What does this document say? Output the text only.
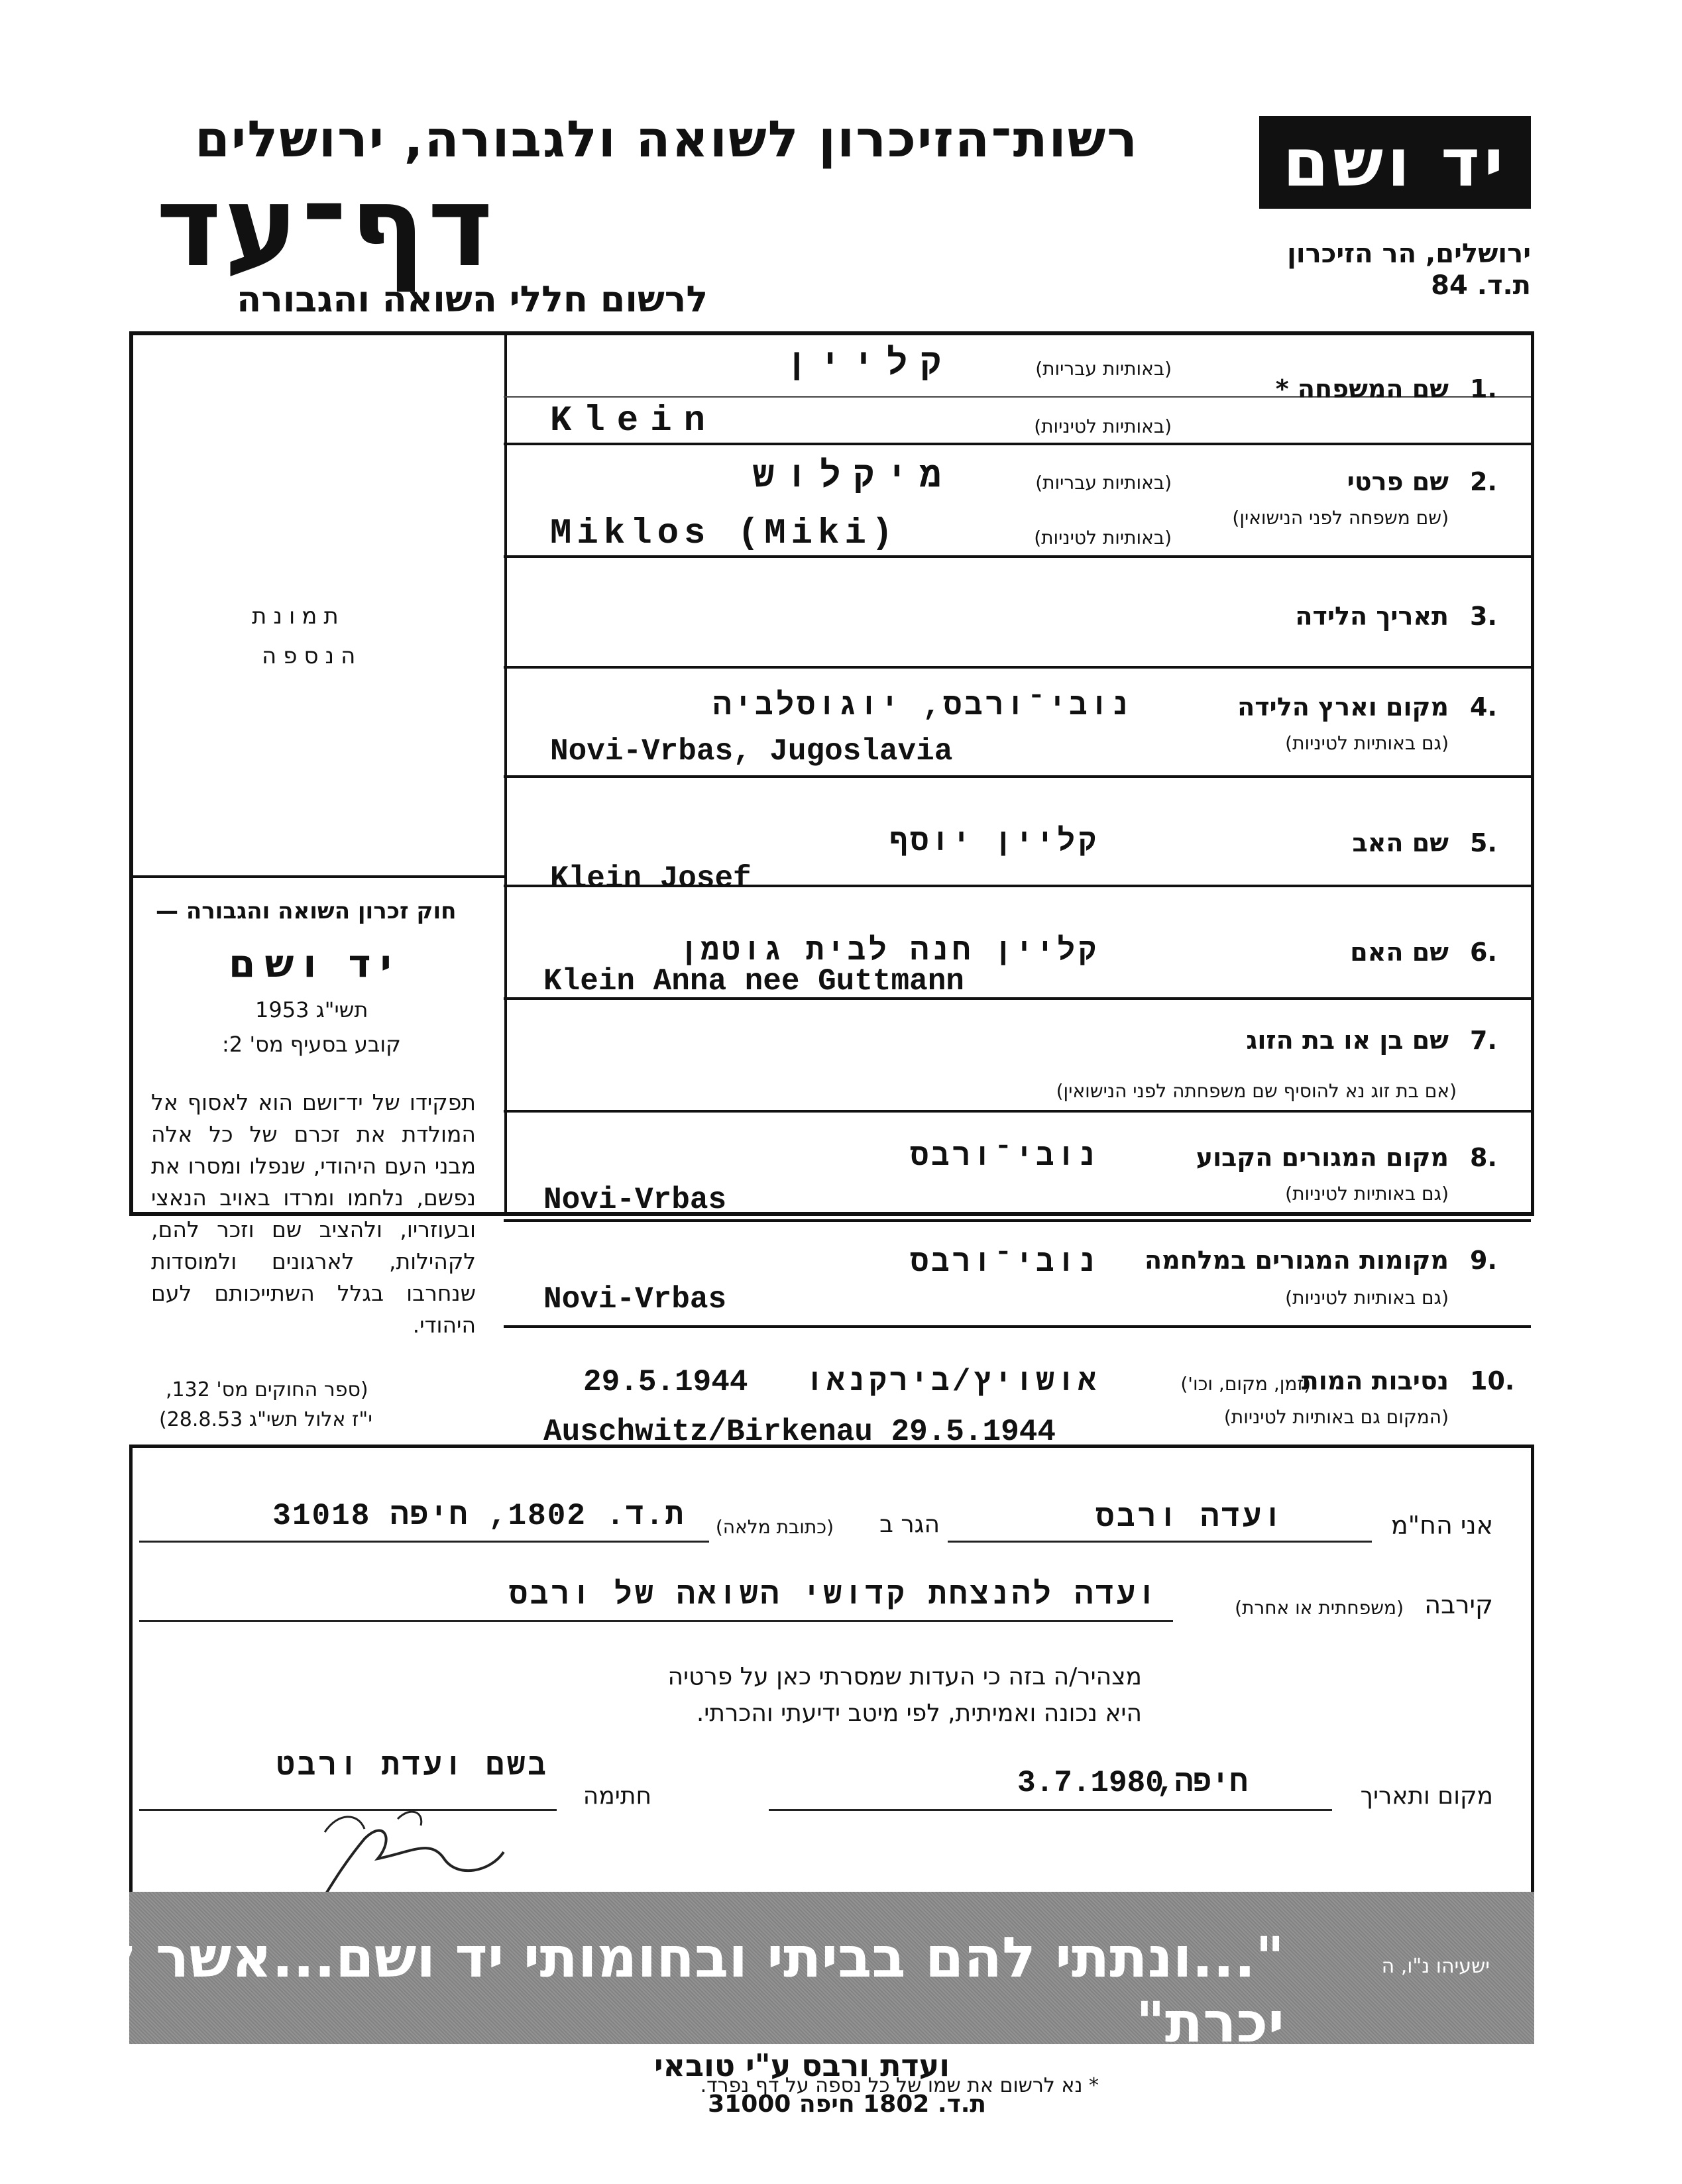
רשות־הזיכרון לשואה ולגבורה, ירושלים
דף־עד
לרשום חללי השואה והגבורה
יד ושם
ירושלים, הר הזיכרון
ת.ד. 84
תמונת
הנספה
חוק זכרון השואה והגבורה —
יד ושם
תשי"ג 1953
קובע בסעיף מס' 2:
תפקידו של יד־ושם הוא לאסוף אל המולדת את זכרם של כל אלה מבני העם היהודי, שנפלו ומסרו את נפשם, נלחמו ומרדו באויב הנאצי ובעוזריו, ולהציב שם וזכר להם, לקהילות, לארגונים ולמוסדות שנחרבו בגלל השתייכותם לעם היהודי.
(ספר החוקים מס' 132,
י"ז אלול תשי"ג 28.8.53)
1.
שם המשפחה *
(באותיות עבריות)
(באותיות לטיניות)
קליין
Klein
2.
שם פרטי
(שם משפחה לפני הנישואין)
(באותיות עבריות)
(באותיות לטיניות)
מיקלוש
Miklos (Miki)
3.
תאריך הלידה
4.
מקום וארץ הלידה
(גם באותיות לטיניות)
נובי־ורבס, יוגוסלביה
Novi-Vrbas, Jugoslavia
5.
שם האב
קליין יוסף
Klein Josef
6.
שם האם
קליין חנה לבית גוטמן
Klein Anna nee Guttmann
7.
שם בן או בת הזוג
(אם בת זוג נא להוסיף שם משפחתה לפני הנישואין)
8.
מקום המגורים הקבוע
(גם באותיות לטיניות)
נובי־ורבס
Novi-Vrbas
9.
מקומות המגורים במלחמה
(גם באותיות לטיניות)
נובי־ורבס
Novi-Vrbas
10.
נסיבות המות
(זמן, מקום, וכו')
(המקום גם באותיות לטיניות)
אושויץ/בירקנאו
29.5.1944
Auschwitz/Birkenau 29.5.1944
אני הח"מ
ועדה ורבס
הגר ב
(כתובת מלאה)
ת.ד. 1802, חיפה 31018
קירבה
(משפחתית או אחרת)
ועדה להנצחת קדושי השואה של ורבס
מצהיר/ה בזה כי העדות שמסרתי כאן על פרטיה
היא נכונה ואמיתית, לפי מיטב ידיעתי והכרתי.
מקום ותאריך
חיפה,
3.7.1980
חתימה
בשם ועדת ורבט
"...ונתתי להם בביתי ובחומותי יד ושם...אשר לא יכרת"
ישעיהו נ"ו, ה
ועדת ורבס ע"י טובאי
ת.ד. 1802 חיפה 31000
* נא לרשום את שמו של כל נספה על דף נפרד.
